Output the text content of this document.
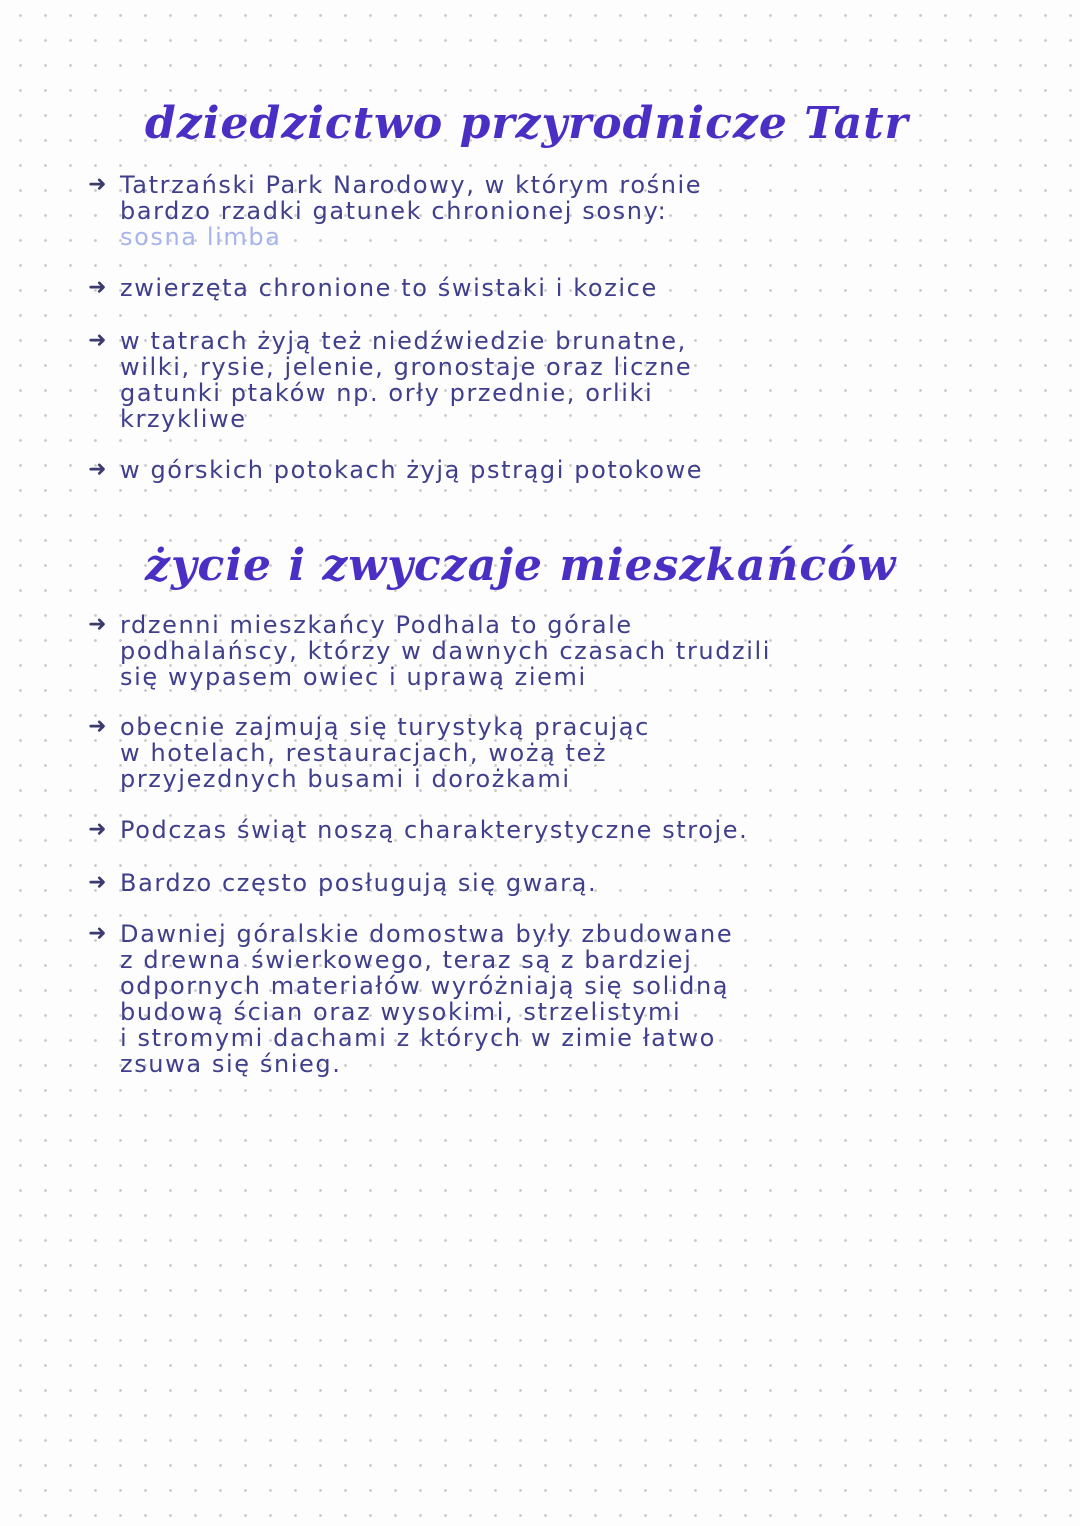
dziedzictwo przyrodnicze Tatr
➜ Tatrzański Park Narodowy, w którym rośnie
bardzo rzadki gatunek chronionej sosny:
sosna limba
➜ zwierzęta chronione to świstaki i kozice
➜ w tatrach żyją też niedźwiedzie brunatne,
wilki, rysie, jelenie, gronostaje oraz liczne
gatunki ptaków np. orły przednie, orliki
krzykliwe
➜ w górskich potokach żyją pstrągi potokowe
życie i zwyczaje mieszkańców
➜ rdzenni mieszkańcy Podhala to górale
podhalańscy, którzy w dawnych czasach trudzili
się wypasem owiec i uprawą ziemi
➜ obecnie zajmują się turystyką pracując
w hotelach, restauracjach, wożą też
przyjezdnych busami i dorożkami
➜ Podczas świąt noszą charakterystyczne stroje.
➜ Bardzo często posługują się gwarą.
➜ Dawniej góralskie domostwa były zbudowane
z drewna świerkowego, teraz są z bardziej
odpornych materiałów wyróżniają się solidną
budową ścian oraz wysokimi, strzelistymi
i stromymi dachami z których w zimie łatwo
zsuwa się śnieg.
